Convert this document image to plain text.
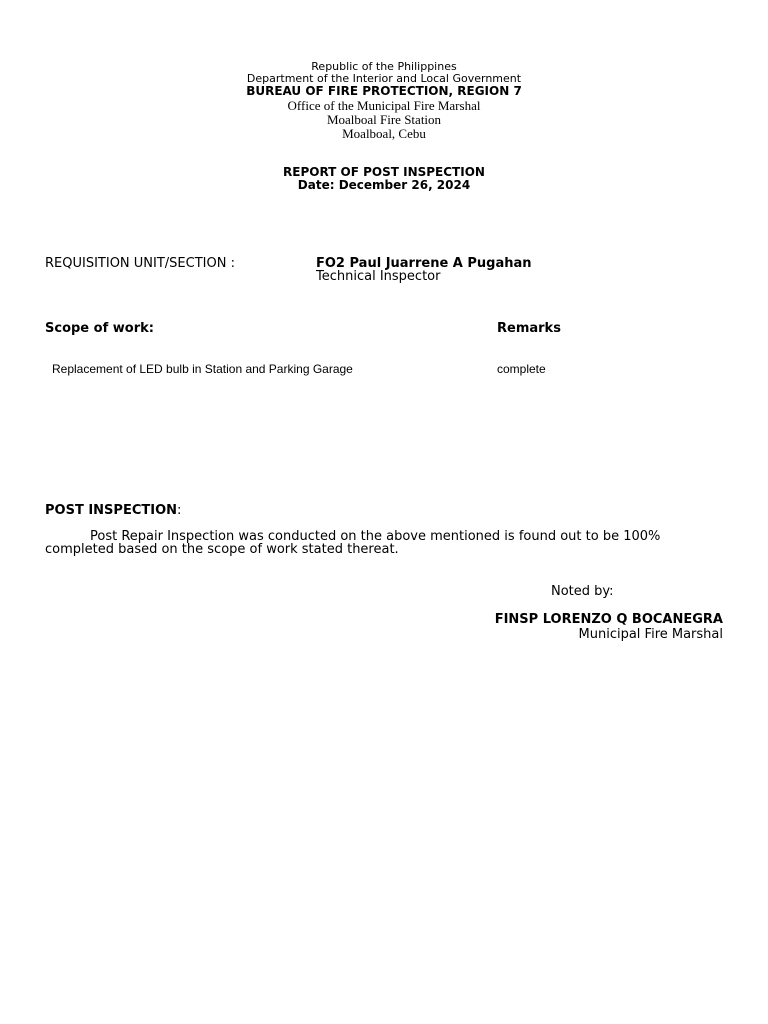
Republic of the Philippines
Department of the Interior and Local Government
BUREAU OF FIRE PROTECTION, REGION 7
Office of the Municipal Fire Marshal
Moalboal Fire Station
Moalboal, Cebu
REPORT OF POST INSPECTION
Date: December 26, 2024
REQUISITION UNIT/SECTION :	FO2 Paul Juarrene A Pugahan
Technical Inspector
Scope of work:	Remarks
Replacement of LED bulb in Station and Parking Garage	complete
POST INSPECTION:
Post Repair Inspection was conducted on the above mentioned is found out to be 100% completed based on the scope of work stated thereat.
Noted by:
FINSP LORENZO Q BOCANEGRA
Municipal Fire Marshal
